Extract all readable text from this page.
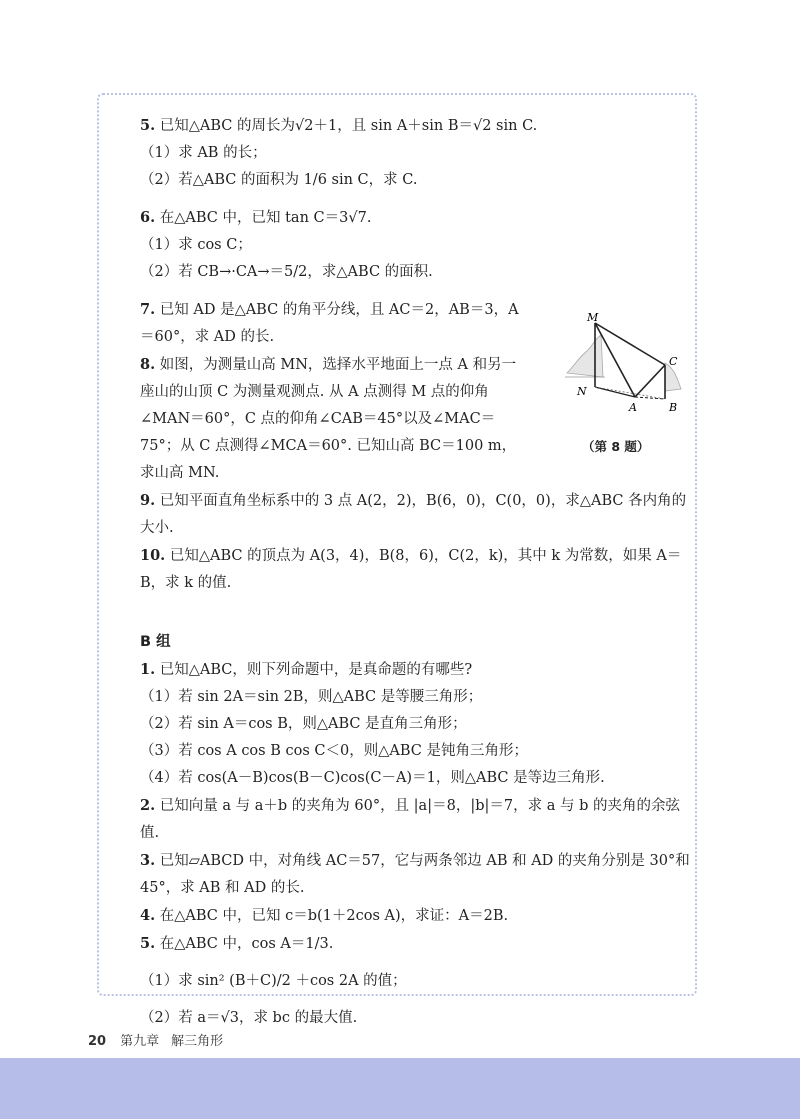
5. 已知△ABC 的周长为√2＋1，且 sin A＋sin B＝√2 sin C.

（1）求 AB 的长；

（2）若△ABC 的面积为 1/6 sin C，求 C.

6. 在△ABC 中，已知 tan C＝3√7.

（1）求 cos C；

（2）若 CB→·CA→＝5/2，求△ABC 的面积.

7. 已知 AD 是△ABC 的角平分线，且 AC＝2，AB＝3，A＝60°，求 AD 的长.

8. 如图，为测量山高 MN，选择水平地面上一点 A 和另一座山的山顶 C 为测量观测点. 从 A 点测得 M 点的仰角∠MAN＝60°，C 点的仰角∠CAB＝45°以及∠MAC＝75°；从 C 点测得∠MCA＝60°. 已知山高 BC＝100 m，求山高 MN.

9. 已知平面直角坐标系中的 3 点 A(2，2)，B(6，0)，C(0，0)，求△ABC 各内角的大小.

10. 已知△ABC 的顶点为 A(3，4)，B(8，6)，C(2，k)，其中 k 为常数，如果 A＝B，求 k 的值.

B 组

1. 已知△ABC，则下列命题中，是真命题的有哪些?

（1）若 sin 2A＝sin 2B，则△ABC 是等腰三角形；

（2）若 sin A＝cos B，则△ABC 是直角三角形；

（3）若 cos A cos B cos C＜0，则△ABC 是钝角三角形；

（4）若 cos(A－B)cos(B－C)cos(C－A)＝1，则△ABC 是等边三角形.

2. 已知向量 a 与 a＋b 的夹角为 60°，且 |a|＝8，|b|＝7，求 a 与 b 的夹角的余弦值.

3. 已知▱ABCD 中，对角线 AC＝57，它与两条邻边 AB 和 AD 的夹角分别是 30°和 45°，求 AB 和 AD 的长.

4. 在△ABC 中，已知 c＝b(1＋2cos A)，求证：A＝2B.

5. 在△ABC 中，cos A＝1/3.

（1）求 sin² (B＋C)/2 ＋cos 2A 的值；

（2）若 a＝√3，求 bc 的最大值.

M
C
N
A	B
（第 8 题）
20 第九章 解三角形
